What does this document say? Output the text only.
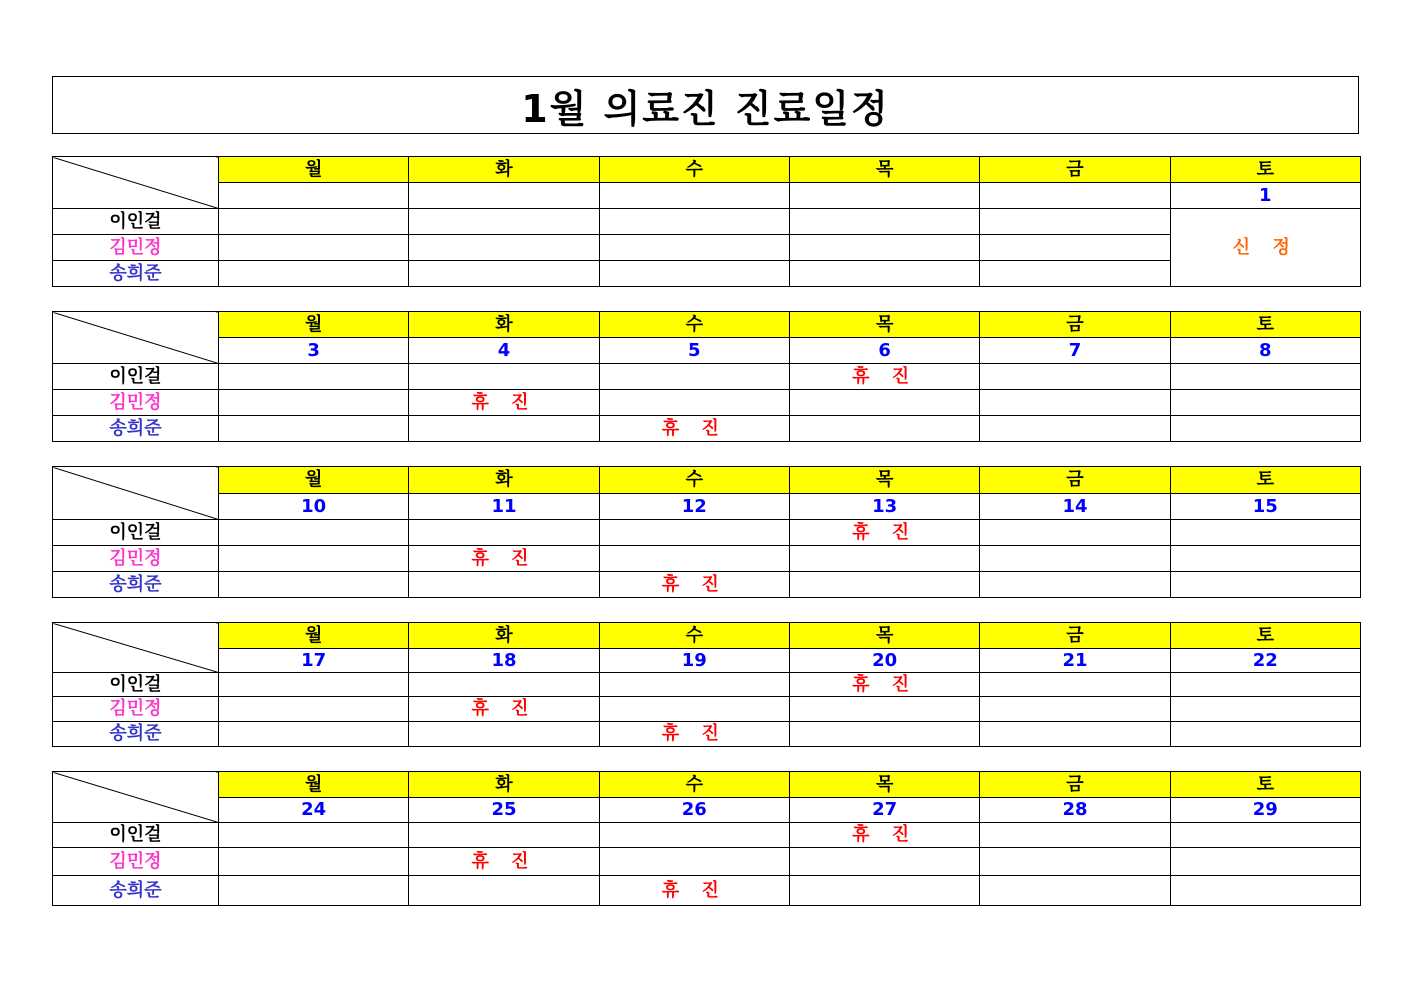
1월 의료진 진료일정
	월	화	수	목	금	토
						1
이인걸						신 정
김민정						
송희준						
	월	화	수	목	금	토
	3	4	5	6	7	8
이인걸				휴 진		
김민정		휴 진				
송희준			휴 진			
	월	화	수	목	금	토
	10	11	12	13	14	15
이인걸				휴 진		
김민정		휴 진				
송희준			휴 진			
	월	화	수	목	금	토
	17	18	19	20	21	22
이인걸				휴 진		
김민정		휴 진				
송희준			휴 진			
	월	화	수	목	금	토
	24	25	26	27	28	29
이인걸				휴 진		
김민정		휴 진				
송희준			휴 진			
